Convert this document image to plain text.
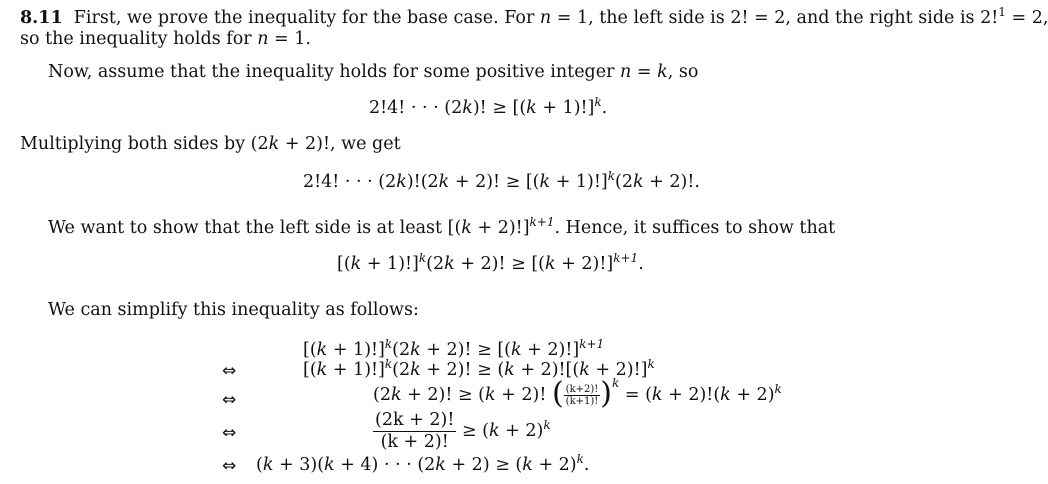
8.11 First, we prove the inequality for the base case. For n = 1, the left side is 2! = 2, and the right side is 2!$^1$ = 2,
so the inequality holds for n = 1.
Now, assume that the inequality holds for some positive integer n = k, so
2!4! · · · (2k)! ≥ $[(k + 1)!]^k$.
Multiplying both sides by (2k + 2)!, we get
2!4! · · · (2k)!(2k + 2)! ≥ $[(k + 1)!]^k(2k + 2)$!.
We want to show that the left side is at least $[(k + 2)!]^{k+1}$. Hence, it suffices to show that
$[(k + 1)!]^k(2k + 2)$! ≥ $[(k + 2)!]^{k+1}$.
We can simplify this inequality as follows:
$[(k + 1)!]^k(2k + 2)$! ≥ $[(k + 2)!]^{k+1}$
⇔	$[(k + 1)!]^k(2k + 2)$! ≥ $(k + 2)![(k + 2)!]^k$
⇔	(2k + 2)! ≥ (k + 2)! ( $\frac{(k+2)!}{(k+1)!} )^k = (k + 2)!(k + 2)^k$
⇔	$\frac{(2k + 2)!}{(k + 2)!} \ge (k + 2)^k$
⇔ (k + 3)(k + 4) · · · $(2k + 2) \ge (k + 2)^k$.
